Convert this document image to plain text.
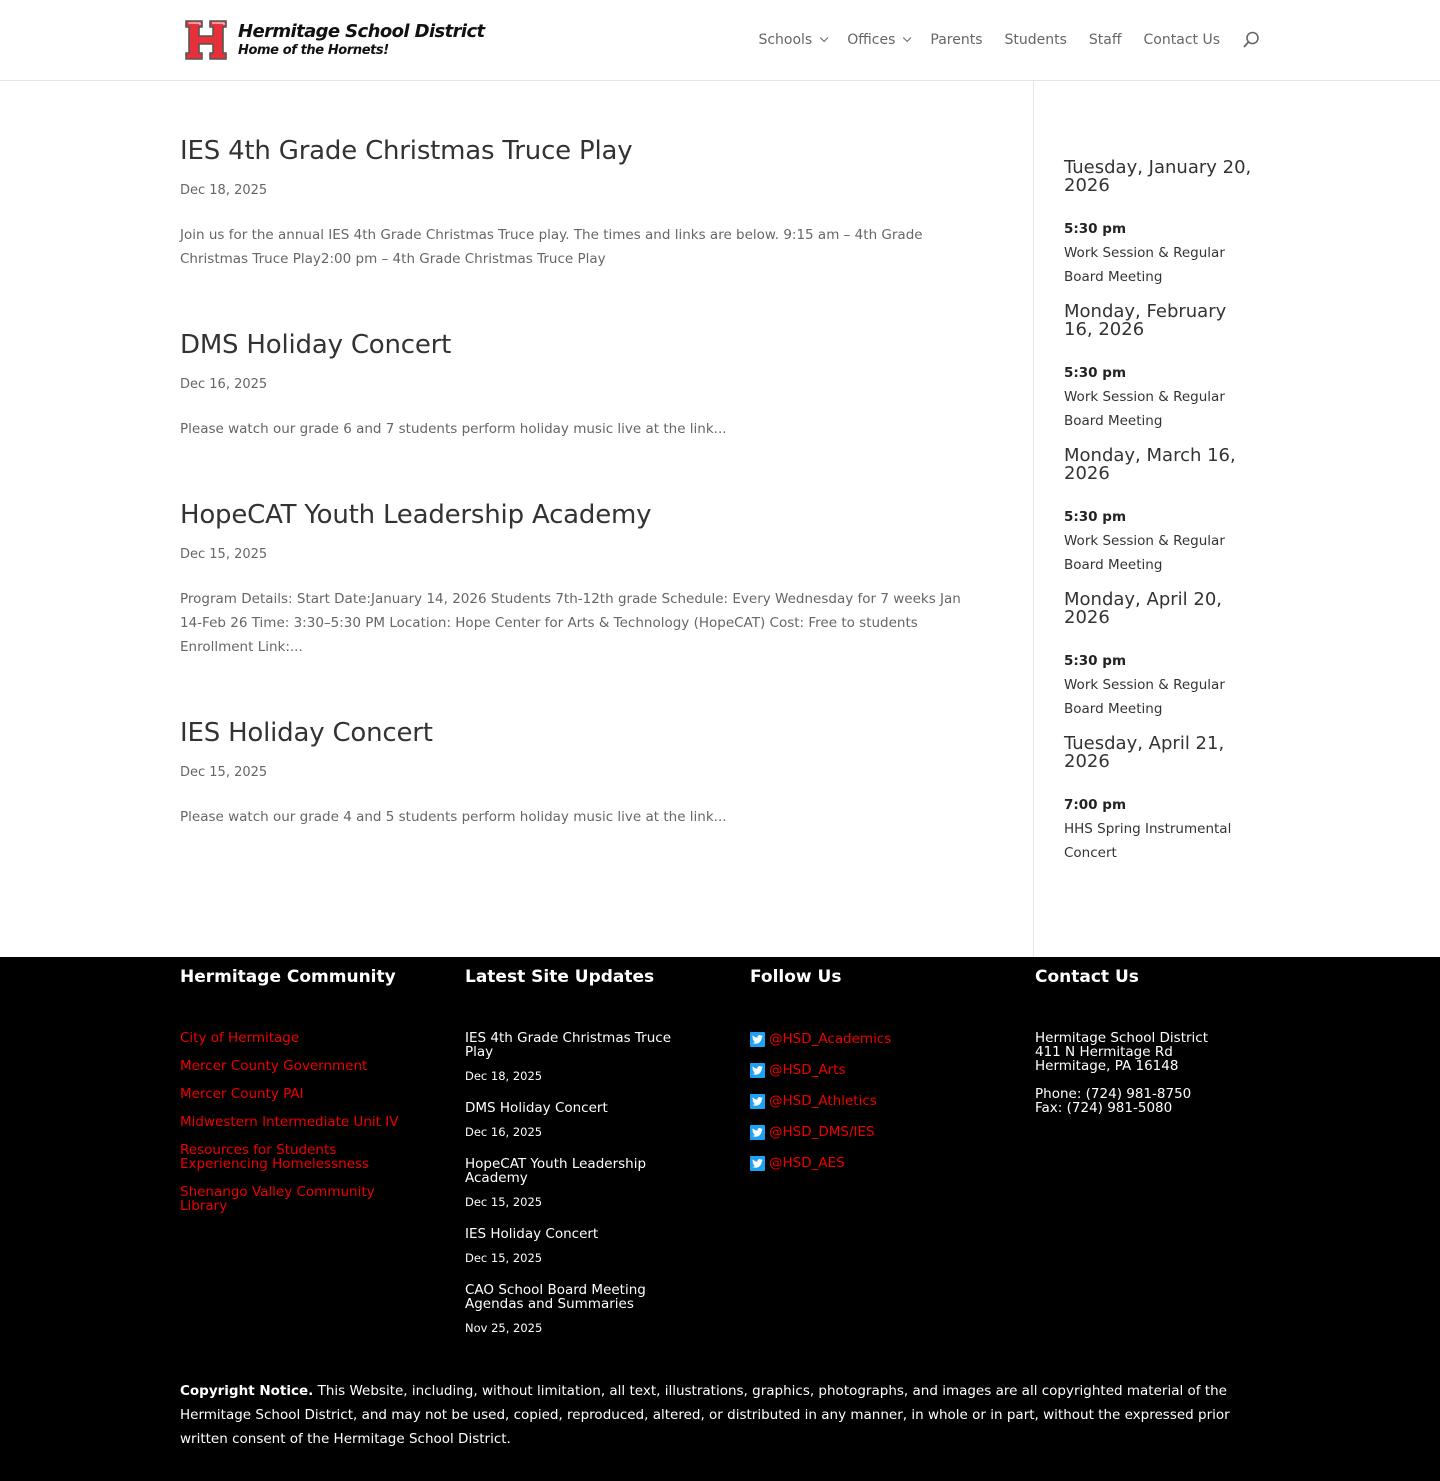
Hermitage School District
Home of the Hornets!
Schools	Offices	Parents Students Staff Contact Us
IES 4th Grade Christmas Truce Play
Dec 18, 2025

Join us for the annual IES 4th Grade Christmas Truce play. The times and links are below. 9:15 am – 4th Grade Christmas Truce Play2:00 pm – 4th Grade Christmas Truce Play

DMS Holiday Concert
Dec 16, 2025

Please watch our grade 6 and 7 students perform holiday music live at the link...

HopeCAT Youth Leadership Academy
Dec 15, 2025

Program Details: Start Date:January 14, 2026 Students 7th-12th grade Schedule: Every Wednesday for 7 weeks Jan 14-Feb 26 Time: 3:30–5:30 PM Location: Hope Center for Arts & Technology (HopeCAT) Cost: Free to students Enrollment Link:...

IES Holiday Concert
Dec 15, 2025

Please watch our grade 4 and 5 students perform holiday music live at the link...

Tuesday, January 20, 2026
5:30 pm
Work Session & Regular Board Meeting
Monday, February 16, 2026
5:30 pm
Work Session & Regular Board Meeting
Monday, March 16, 2026
5:30 pm
Work Session & Regular Board Meeting
Monday, April 20, 2026
5:30 pm
Work Session & Regular Board Meeting
Tuesday, April 21, 2026
7:00 pm
HHS Spring Instrumental Concert
Hermitage Community
City of Hermitage
Mercer County Government
Mercer County PAI
Midwestern Intermediate Unit IV
Resources for Students Experiencing Homelessness
Shenango Valley Community Library
Latest Site Updates
IES 4th Grade Christmas Truce Play
Dec 18, 2025
DMS Holiday Concert
Dec 16, 2025
HopeCAT Youth Leadership Academy
Dec 15, 2025
IES Holiday Concert
Dec 15, 2025
CAO School Board Meeting Agendas and Summaries
Nov 25, 2025
Follow Us
@HSD_Academics
@HSD_Arts
@HSD_Athletics
@HSD_DMS/IES
@HSD_AES
Contact Us
Hermitage School District
411 N Hermitage Rd
Hermitage, PA 16148
Phone: (724) 981-8750
Fax: (724) 981-5080

Copyright Notice. This Website, including, without limitation, all text, illustrations, graphics, photographs, and images are all copyrighted material of the Hermitage School District, and may not be used, copied, reproduced, altered, or distributed in any manner, in whole or in part, without the expressed prior written consent of the Hermitage School District.
